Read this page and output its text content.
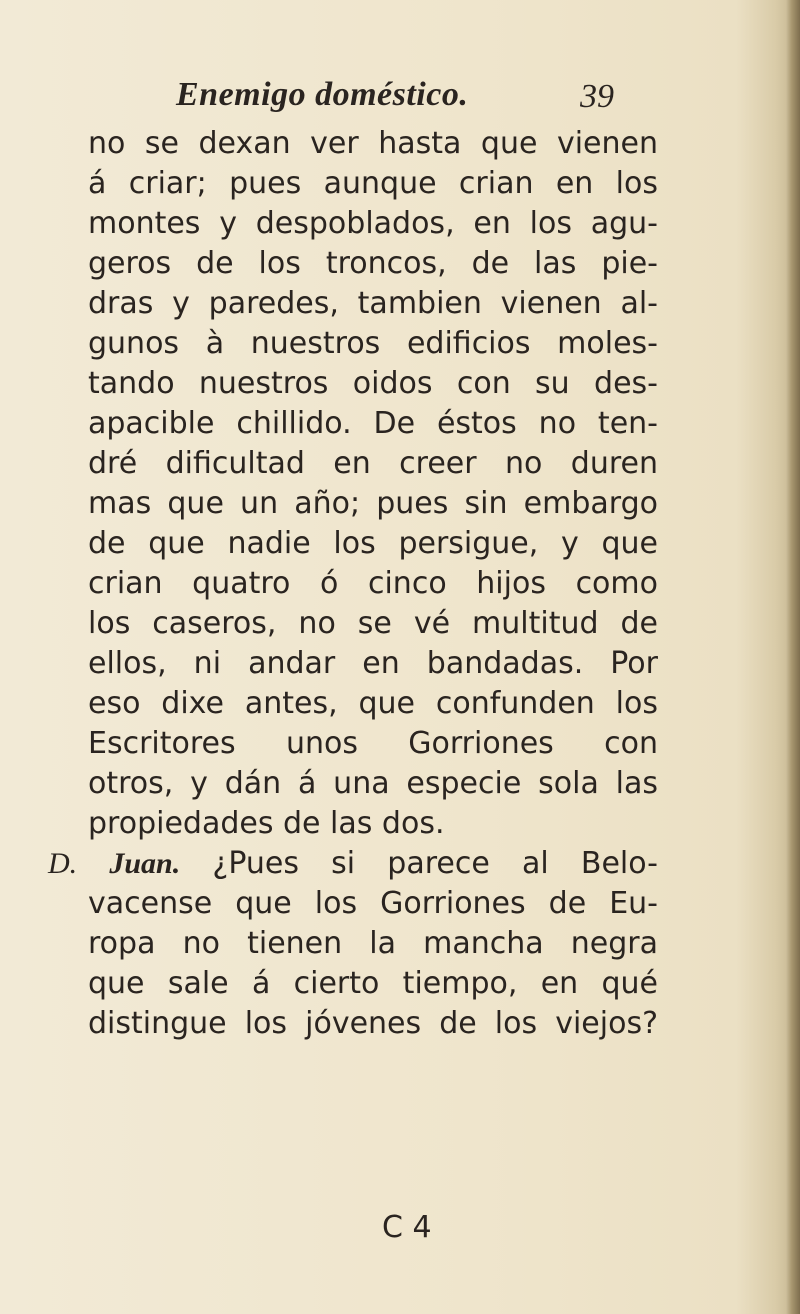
Enemigo doméstico.	39
no se dexan ver hasta que vienen
á criar; pues aunque crian en los
montes y despoblados, en los agu-
geros de los troncos, de las pie-
dras y paredes, tambien vienen al-
gunos à nuestros edificios moles-
tando nuestros oidos con su des-
apacible chillido. De éstos no ten-
dré dificultad en creer no duren
mas que un año; pues sin embargo
de que nadie los persigue, y que
crian quatro ó cinco hijos como
los caseros, no se vé multitud de
ellos, ni andar en bandadas. Por
eso dixe antes, que confunden los
Escritores unos Gorriones con
otros, y dán á una especie sola las
propiedades de las dos.
D. Juan. ¿Pues si parece al Belo-
vacense que los Gorriones de Eu-
ropa no tienen la mancha negra
que sale á cierto tiempo, en qué
distingue los jóvenes de los viejos?
C 4
